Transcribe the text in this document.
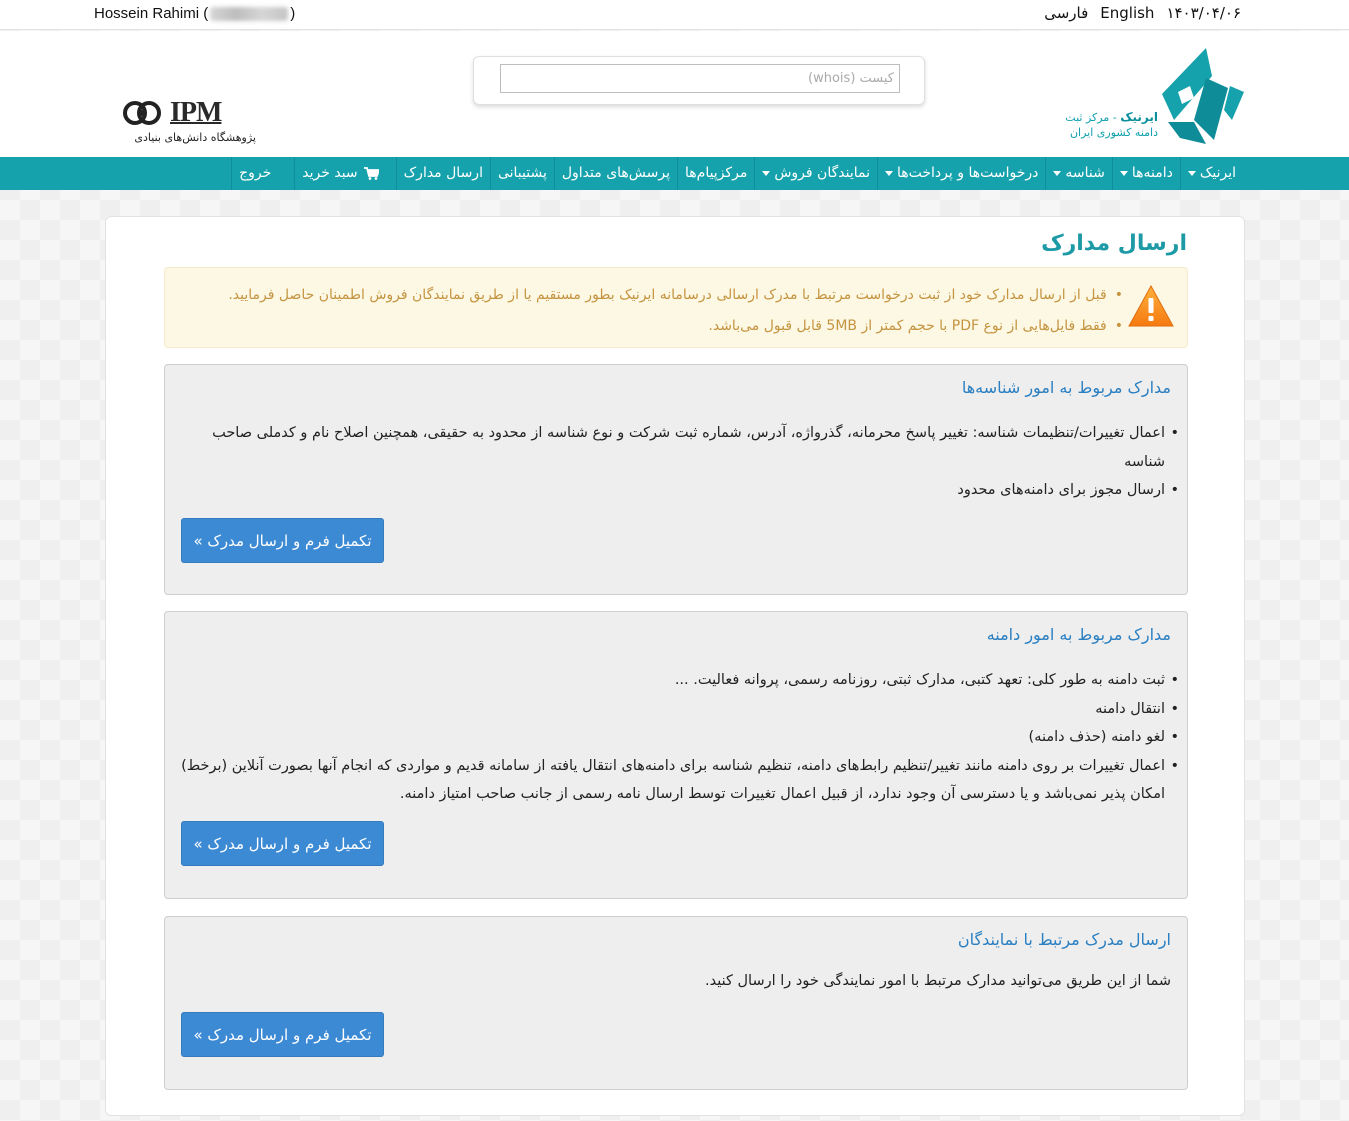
Hossein Rahimi (	)	فارسی English ۱۴۰۳/۰۴/۰۶
IPM
پژوهشگاه دانش‌های بنیادی
کیست (whois)
ایرنیک - مرکز ثبت
دامنه کشوری ایران
ایرنیک
دامنه‌ها
شناسه
درخواست‌ها و پرداخت‌ها
نمایندگان فروش
مرکزپیام‌ها
پرسش‌های متداول
پشتیبانی
ارسال مدارک
سبد خرید
خروج
ارسال مدارک
• قبل از ارسال مدارک خود از ثبت درخواست مرتبط با مدرک ارسالی درسامانه ایرنیک بطور مستقیم یا از طریق نمایندگان فروش اطمینان حاصل فرمایید.
• فقط فایل‌هایی از نوع PDF با حجم کمتر از 5MB قابل قبول می‌باشد.
مدارک مربوط به امور شناسه‌ها
• اعمال تغییرات/تنظیمات شناسه: تغییر پاسخ محرمانه، گذرواژه، آدرس، شماره ثبت شرکت و نوع شناسه از محدود به حقیقی، همچنین اصلاح نام و کدملی صاحب شناسه
• ارسال مجوز برای دامنه‌های محدود
تکمیل فرم و ارسال مدرک »
مدارک مربوط به امور دامنه
• ثبت دامنه به طور کلی: تعهد کتبی، مدارک ثبتی، روزنامه رسمی، پروانه فعالیت. ...
• انتقال دامنه
• لغو دامنه (حذف دامنه)
• اعمال تغییرات بر روی دامنه مانند تغییر/تنظیم رابط‌های دامنه، تنظیم شناسه برای دامنه‌های انتقال یافته از سامانه قدیم و مواردی که انجام آنها بصورت آنلاین (برخط) امکان پذیر نمی‌باشد و یا دسترسی آن وجود ندارد، از قبیل اعمال تغییرات توسط ارسال نامه رسمی از جانب صاحب امتیاز دامنه.
تکمیل فرم و ارسال مدرک »
ارسال مدرک مرتبط با نمایندگان

شما از این طریق می‌توانید مدارک مرتبط با امور نمایندگی خود را ارسال کنید.

تکمیل فرم و ارسال مدرک »
